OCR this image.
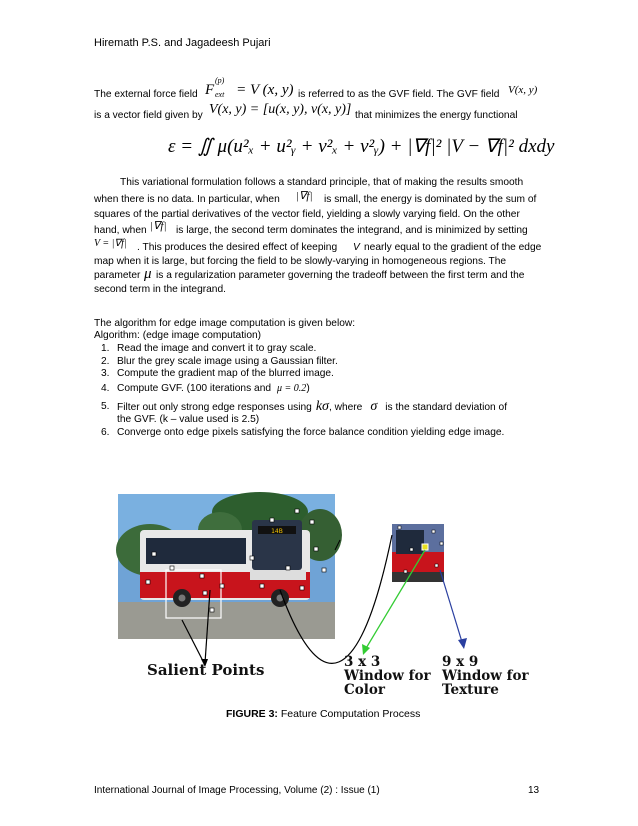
Hiremath P.S. and Jagadeesh Pujari
The external force field F
(p)
ext = V (x, y) is referred to as the GVF field. The GVF field V(x, y)
is a vector field given by V(x, y) = [u(x, y), v(x, y)] that minimizes the energy functional
ε = ∬ μ(u²ₓ + u²ᵧ + v²ₓ + v²ᵧ) + |∇f|² |V − ∇f|² dxdy
This variational formulation follows a standard principle, that of making the results smooth
when there is no data. In particular, when |∇f| is small, the energy is dominated by the sum of
squares of the partial derivatives of the vector field, yielding a slowly varying field. On the other
hand, when |∇f| is large, the second term dominates the integrand, and is minimized by setting
V = |∇f| . This produces the desired effect of keeping V nearly equal to the gradient of the edge
map when it is large, but forcing the field to be slowly-varying in homogeneous regions. The
parameter μ is a regularization parameter governing the tradeoff between the first term and the
second term in the integrand.
The algorithm for edge image computation is given below:
Algorithm: (edge image computation)
1. Read the image and convert it to gray scale.
2. Blur the grey scale image using a Gaussian filter.
3. Compute the gradient map of the blurred image.
4. Compute GVF. (100 iterations and μ = 0.2)
5. Filter out only strong edge responses using kσ, where σ is the standard deviation of
the GVF. (k – value used is 2.5)
6. Converge onto edge pixels satisfying the force balance condition yielding edge image.
14B
Salient Points	3 x 3
Window for
Color
9 x 9
Window for
Texture
FIGURE 3: Feature Computation Process
International Journal of Image Processing, Volume (2) : Issue (1)	13
